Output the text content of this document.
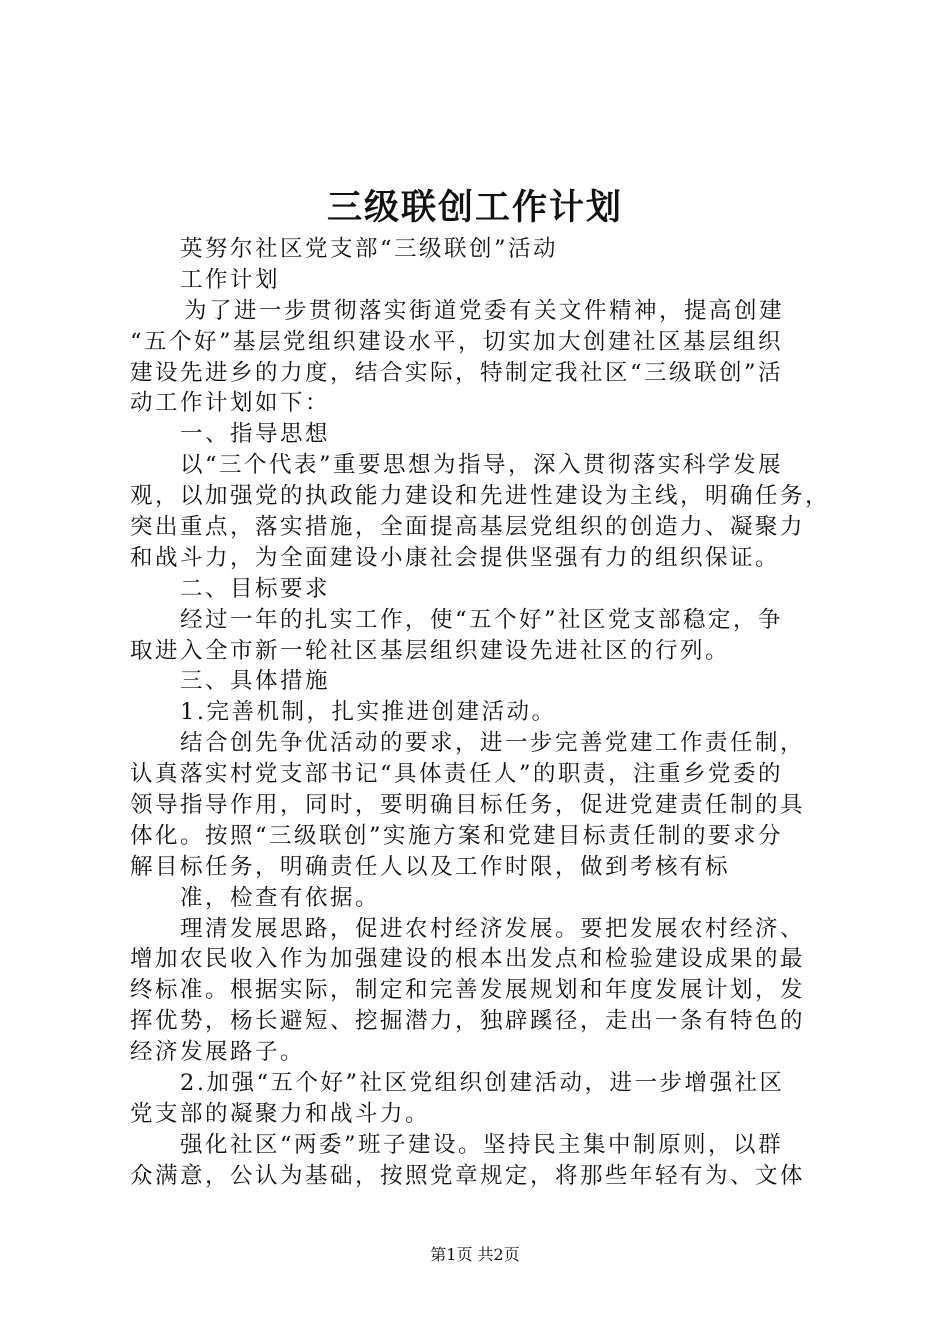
三级联创工作计划
英努尔社区党支部“三级联创”活动
工作计划
为了进一步贯彻落实街道党委有关文件精神，提高创建
“五个好”基层党组织建设水平，切实加大创建社区基层组织
建设先进乡的力度，结合实际，特制定我社区“三级联创”活
动工作计划如下：
一、指导思想
以“三个代表”重要思想为指导，深入贯彻落实科学发展
观，以加强党的执政能力建设和先进性建设为主线，明确任务，
突出重点，落实措施，全面提高基层党组织的创造力、凝聚力
和战斗力，为全面建设小康社会提供坚强有力的组织保证。
二、目标要求
经过一年的扎实工作，使“五个好”社区党支部稳定，争
取进入全市新一轮社区基层组织建设先进社区的行列。
三、具体措施
1.完善机制，扎实推进创建活动。
结合创先争优活动的要求，进一步完善党建工作责任制，
认真落实村党支部书记“具体责任人”的职责，注重乡党委的
领导指导作用，同时，要明确目标任务，促进党建责任制的具
体化。按照“三级联创”实施方案和党建目标责任制的要求分
解目标任务，明确责任人以及工作时限，做到考核有标
准，检查有依据。
理清发展思路，促进农村经济发展。要把发展农村经济、
增加农民收入作为加强建设的根本出发点和检验建设成果的最
终标准。根据实际，制定和完善发展规划和年度发展计划，发
挥优势，杨长避短、挖掘潜力，独辟蹊径，走出一条有特色的
经济发展路子。
2.加强“五个好”社区党组织创建活动，进一步增强社区
党支部的凝聚力和战斗力。
强化社区“两委”班子建设。坚持民主集中制原则，以群
众满意，公认为基础，按照党章规定，将那些年轻有为、文体
第1页 共2页
